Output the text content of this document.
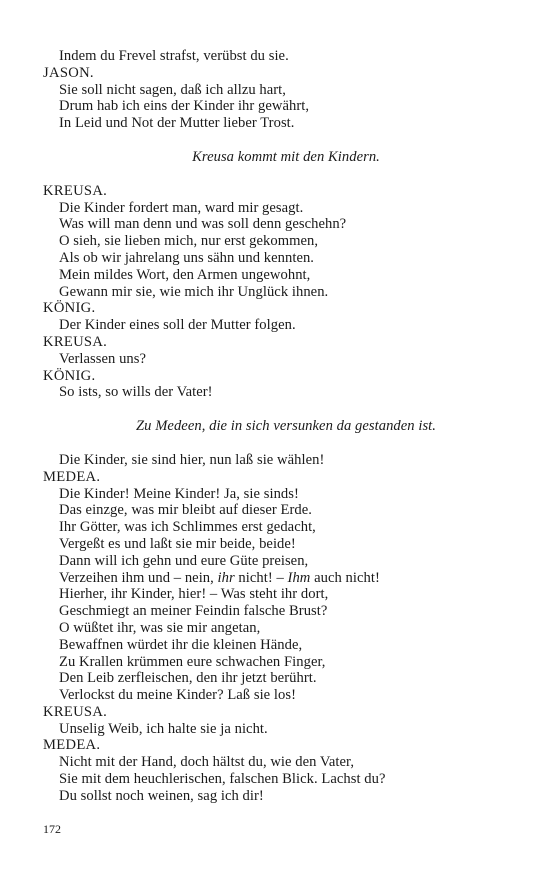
Indem du Frevel strafst, verübst du sie.
JASON.
Sie soll nicht sagen, daß ich allzu hart,
Drum hab ich eins der Kinder ihr gewährt,
In Leid und Not der Mutter lieber Trost.
Kreusa kommt mit den Kindern.
KREUSA.
Die Kinder fordert man, ward mir gesagt.
Was will man denn und was soll denn geschehn?
O sieh, sie lieben mich, nur erst gekommen,
Als ob wir jahrelang uns sähn und kennten.
Mein mildes Wort, den Armen ungewohnt,
Gewann mir sie, wie mich ihr Unglück ihnen.
KÖNIG.
Der Kinder eines soll der Mutter folgen.
KREUSA.
Verlassen uns?
KÖNIG.
So ists, so wills der Vater!
Zu Medeen, die in sich versunken da gestanden ist.
Die Kinder, sie sind hier, nun laß sie wählen!
MEDEA.
Die Kinder! Meine Kinder! Ja, sie sinds!
Das einzge, was mir bleibt auf dieser Erde.
Ihr Götter, was ich Schlimmes erst gedacht,
Vergeßt es und laßt sie mir beide, beide!
Dann will ich gehn und eure Güte preisen,
Verzeihen ihm und – nein, ihr nicht! – Ihm auch nicht!
Hierher, ihr Kinder, hier! – Was steht ihr dort,
Geschmiegt an meiner Feindin falsche Brust?
O wüßtet ihr, was sie mir angetan,
Bewaffnen würdet ihr die kleinen Hände,
Zu Krallen krümmen eure schwachen Finger,
Den Leib zerfleischen, den ihr jetzt berührt.
Verlockst du meine Kinder? Laß sie los!
KREUSA.
Unselig Weib, ich halte sie ja nicht.
MEDEA.
Nicht mit der Hand, doch hältst du, wie den Vater,
Sie mit dem heuchlerischen, falschen Blick. Lachst du?
Du sollst noch weinen, sag ich dir!
172
